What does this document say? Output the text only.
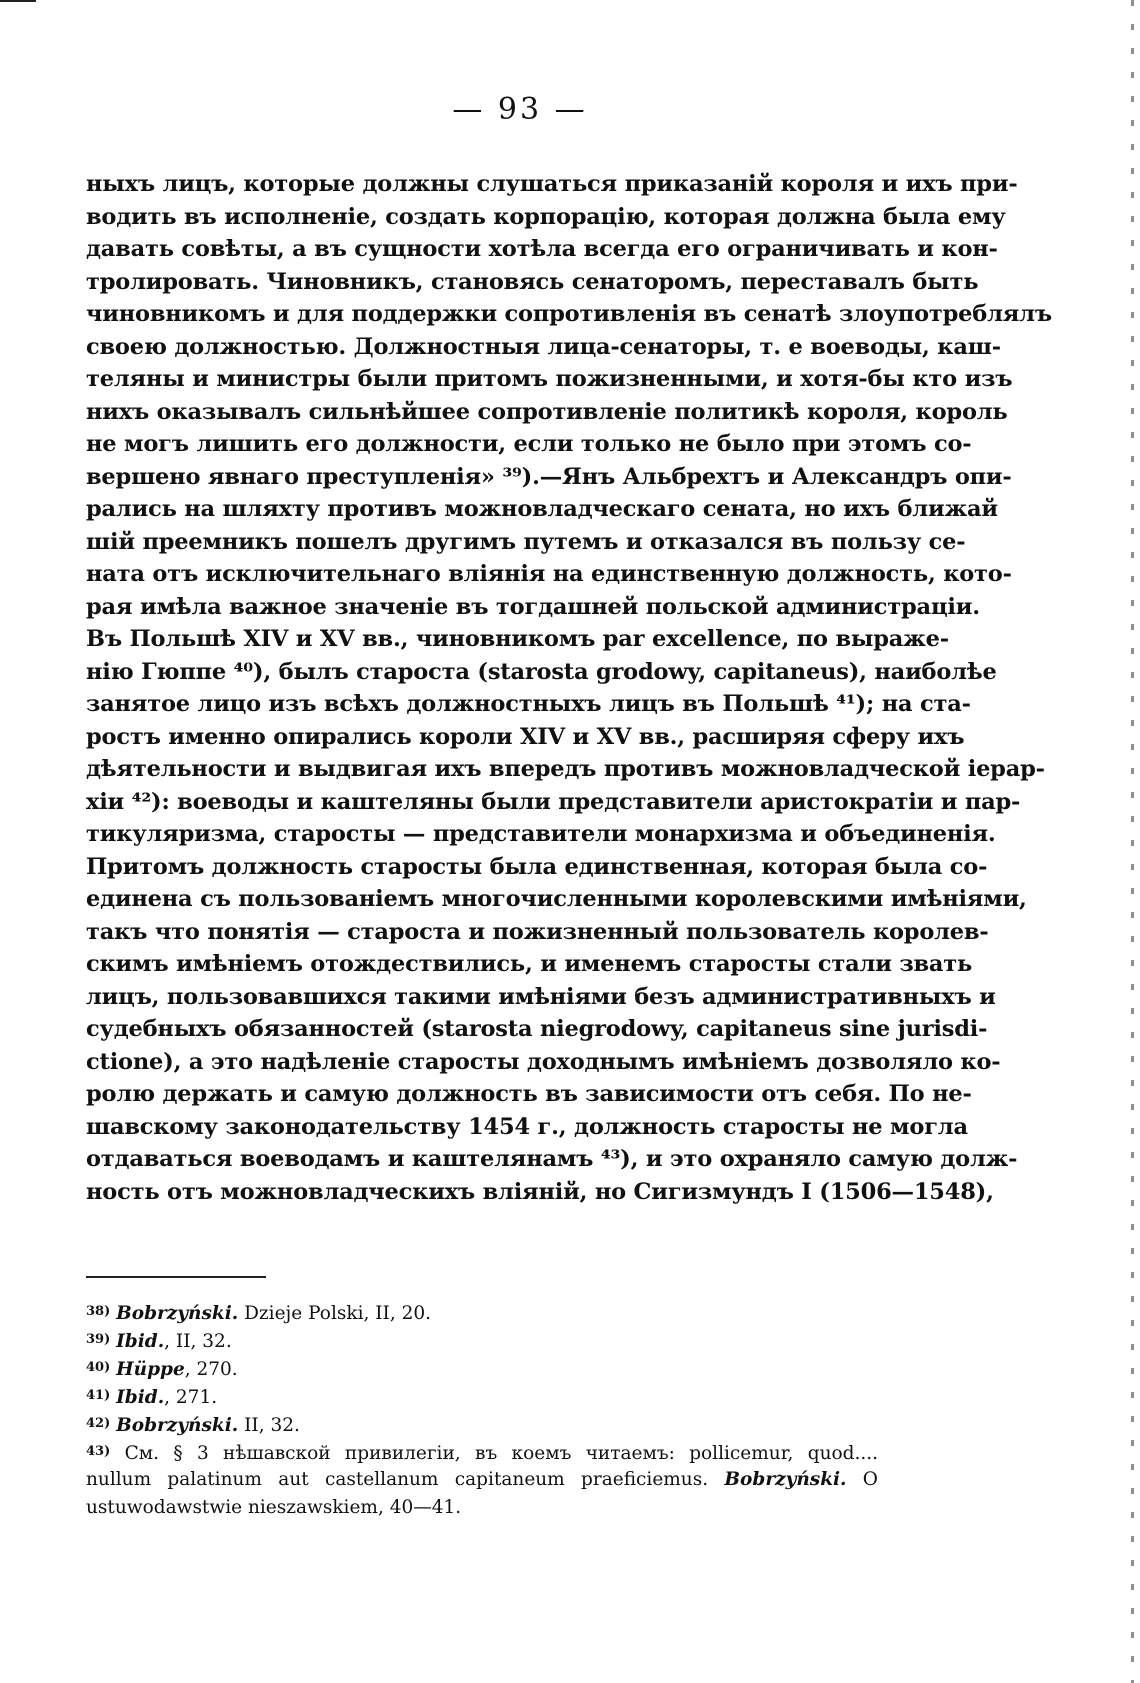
— 93 —
ныхъ лицъ, которые должны слушаться приказаній короля и ихъ при-
водить въ исполненіе, создать корпорацію, которая должна была ему
давать совѣты, а въ сущности хотѣла всегда его ограничивать и кон-
тролировать. Чиновникъ, становясь сенаторомъ, переставалъ быть
чиновникомъ и для поддержки сопротивленія въ сенатѣ злоупотреблялъ
своею должностью. Должностныя лица-сенаторы, т. е воеводы, каш-
теляны и министры были притомъ пожизненными, и хотя-бы кто изъ
нихъ оказывалъ сильнѣйшее сопротивленіе политикѣ короля, король
не могъ лишить его должности, если только не было при этомъ со-
вершено явнаго преступленія» ³⁹).—Янъ Альбрехтъ и Александръ опи-
рались на шляхту противъ можновладческаго сената, но ихъ ближай
шій преемникъ пошелъ другимъ путемъ и отказался въ пользу се-
ната отъ исключительнаго вліянія на единственную должность, кото-
рая имѣла важное значеніе въ тогдашней польской администраціи.
Въ Польшѣ XIV и XV вв., чиновникомъ par excellence, по выраже-
нію Гюппе ⁴⁰), былъ староста (starosta grodowy, capitaneus), наиболѣе
занятое лицо изъ всѣхъ должностныхъ лицъ въ Польшѣ ⁴¹); на ста-
ростъ именно опирались короли XIV и XV вв., расширяя сферу ихъ
дѣятельности и выдвигая ихъ впередъ противъ можновладческой іерар-
хіи ⁴²): воеводы и каштеляны были представители аристократіи и пар-
тикуляризма, старосты — представители монархизма и объединенія.
Притомъ должность старосты была единственная, которая была со-
единена съ пользованіемъ многочисленными королевскими имѣніями,
такъ что понятія — староста и пожизненный пользователь королев-
скимъ имѣніемъ отождествились, и именемъ старосты стали звать
лицъ, пользовавшихся такими имѣніями безъ административныхъ и
судебныхъ обязанностей (starosta niegrodowy, capitaneus sine jurisdi-
ctione), а это надѣленіе старосты доходнымъ имѣніемъ дозволяло ко-
ролю держать и самую должность въ зависимости отъ себя. По не-
шавскому законодательству 1454 г., должность старосты не могла
отдаваться воеводамъ и каштелянамъ ⁴³), и это охраняло самую долж-
ность отъ можновладческихъ вліяній, но Сигизмундъ I (1506—1548),
$^{38)}$ Bobrzyński. Dzieje Polski, II, 20.
$^{39)}$ Ibid., II, 32.
$^{40)}$ Hüppe, 270.
$^{41)}$ Ibid., 271.
$^{42)}$ Bobrzyński. II, 32.
$^{43)}$ См. § 3 нѣшавской привилегіи, въ коемъ читаемъ: pollicemur, quod....
nullum palatinum aut castellanum capitaneum praeficiemus. Bobrzyński. O
ustuwodawstwie nieszawskiem, 40—41.
